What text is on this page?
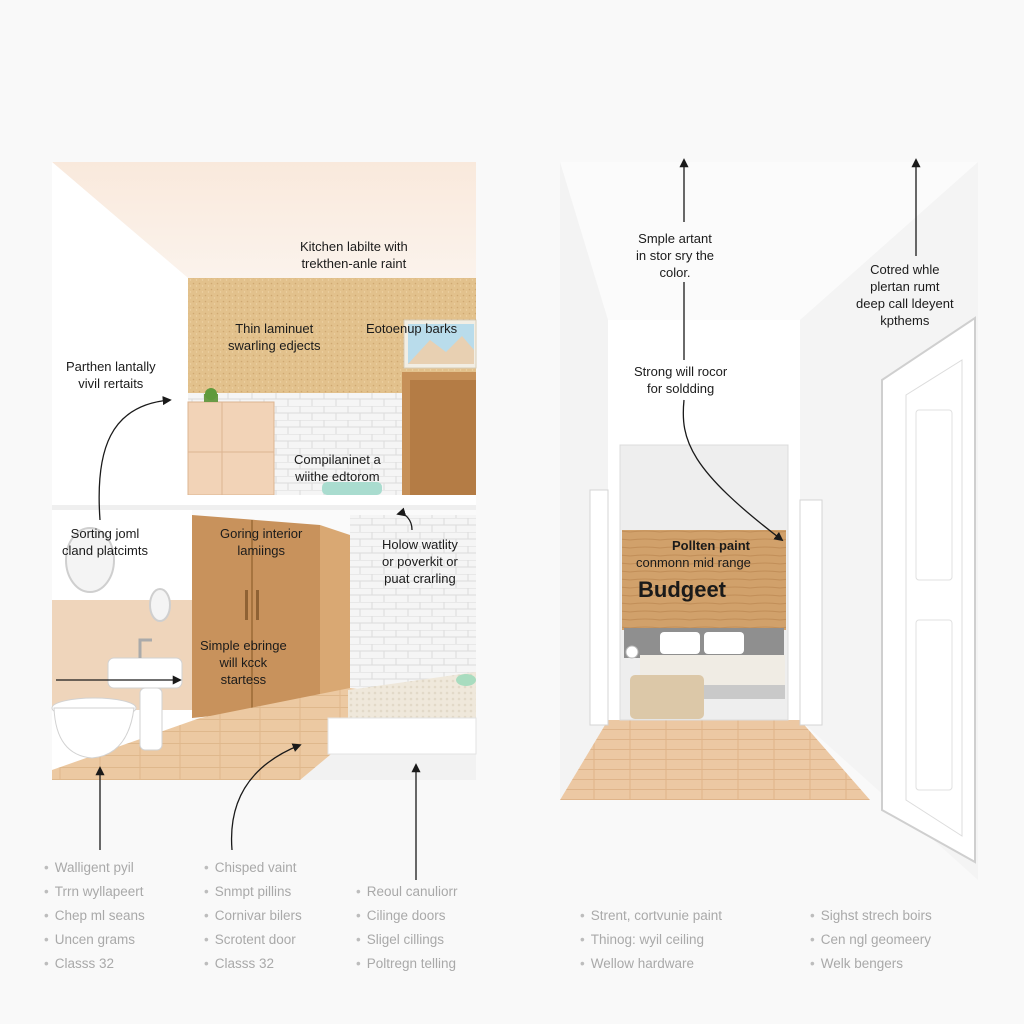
Kitchen labilte with
trekthen-anle raint
Thin laminuet
swarling edjects
Eotoenup barks
Parthen lantally
vivil rertaits
Compilaninet a
wiithe edtorom
Sorting joml
cland platcimts
Goring interior
lamiings	Holow watlity
or poverkit or
puat crarling
Simple ebringe
will kcck
startess
Smple artant
in stor sry the
color.
Strong will rocor
for soldding
Cotred whle
plertan rumt
deep call ldeyent
kpthems
Pollten paint
conmonn mid range
Budgeet
• Walligent pyil
• Trrn wyllapeert
• Chep ml seans
• Uncen grams
• Classs 32
• Chisped vaint
• Snmpt pillins
• Cornivar bilers
• Scrotent door
• Classs 32
• Reoul canuliorr
• Cilinge doors
• Sligel cillings
• Poltregn telling
• Strent, cortvunie paint
• Thinog: wyil ceiling
• Wellow hardware
• Sighst strech boirs
• Cen ngl geomeery
• Welk bengers
